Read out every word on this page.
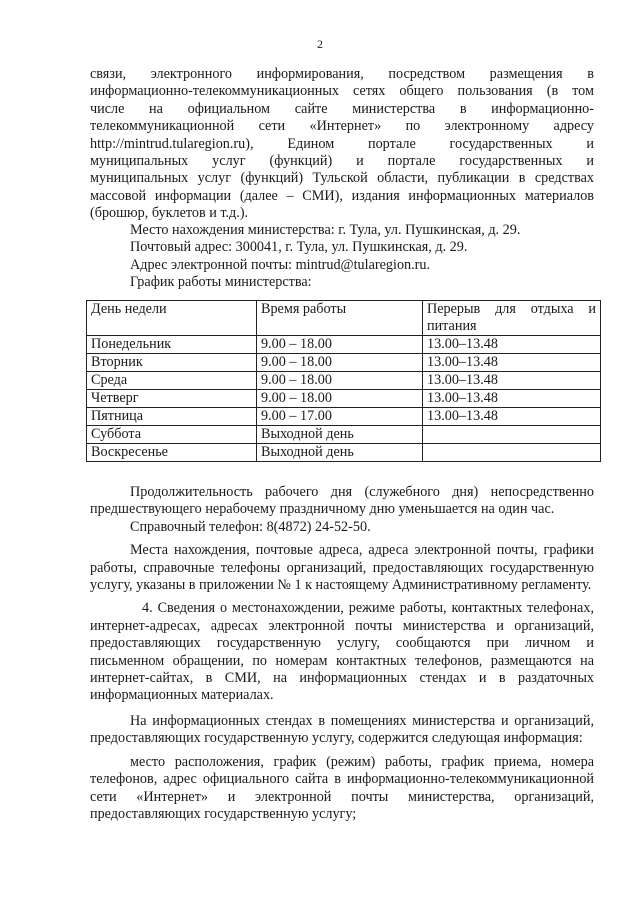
2

связи, электронного информирования, посредством размещения в

информационно-телекоммуникационных сетях общего пользования (в том

числе на официальном сайте министерства в информационно-

телекоммуникационной сети «Интернет» по электронному адресу

http://mintrud.tularegion.ru), Едином портале государственных и

муниципальных услуг (функций) и портале государственных и

муниципальных услуг (функций) Тульской области, публикации в средствах

массовой информации (далее – СМИ), издания информационных материалов

(брошюр, буклетов и т.д.).

Место нахождения министерства: г. Тула, ул. Пушкинская, д. 29.

Почтовый адрес: 300041, г. Тула, ул. Пушкинская, д. 29.

Адрес электронной почты: mintrud@tularegion.ru.

График работы министерства:

День недели	Время работы	Перерыв для отдыха и питания
Понедельник	9.00 – 18.00	13.00–13.48
Вторник	9.00 – 18.00	13.00–13.48
Среда	9.00 – 18.00	13.00–13.48
Четверг	9.00 – 18.00	13.00–13.48
Пятница	9.00 – 17.00	13.00–13.48
Суббота	Выходной день	
Воскресенье	Выходной день	

Продолжительность рабочего дня (служебного дня) непосредственно предшествующего нерабочему праздничному дню уменьшается на один час.

Справочный телефон: 8(4872) 24-52-50.

Места нахождения, почтовые адреса, адреса электронной почты, графики работы, справочные телефоны организаций, предоставляющих государственную услугу, указаны в приложении № 1 к настоящему Административному регламенту.

4. Сведения о местонахождении, режиме работы, контактных телефонах, интернет-адресах, адресах электронной почты министерства и организаций, предоставляющих государственную услугу, сообщаются при личном и письменном обращении, по номерам контактных телефонов, размещаются на интернет-сайтах, в СМИ, на информационных стендах и в раздаточных информационных материалах.

На информационных стендах в помещениях министерства и организаций, предоставляющих государственную услугу, содержится следующая информация:

место расположения, график (режим) работы, график приема, номера телефонов, адрес официального сайта в информационно-телекоммуникационной сети «Интернет» и электронной почты министерства, организаций, предоставляющих государственную услугу;
